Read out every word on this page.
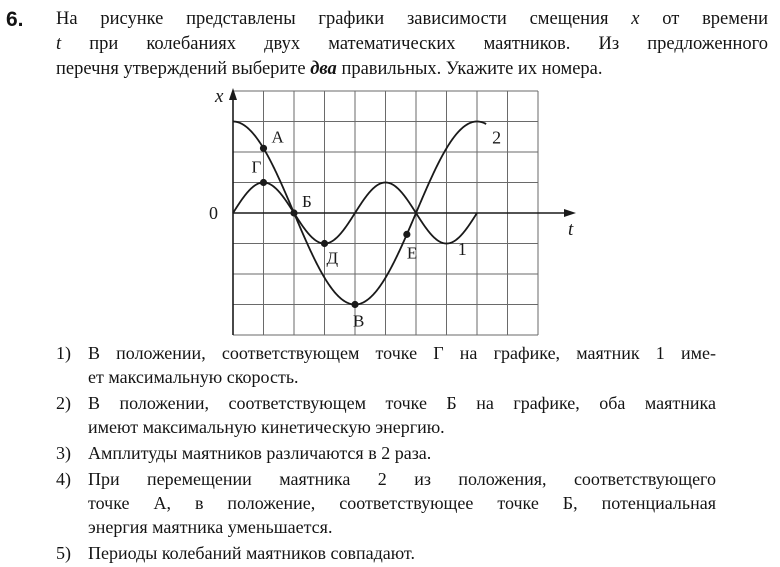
6. На рисунке представлены графики зависимости смещения x от времени
t при колебаниях двух математических маятников. Из предложенного
перечня утверждений выберите два правильных. Укажите их номера.
x
t
0
1
2
А
Г
Б
Д
В
Е
1) В положении, соответствующем точке Г на графике, маятник 1 име-
ет максимальную скорость.
2) В положении, соответствующем точке Б на графике, оба маятника
имеют максимальную кинетическую энергию.
3) Амплитуды маятников различаются в 2 раза.
4) При перемещении маятника 2 из положения, соответствующего
точке А, в положение, соответствующее точке Б, потенциальная
энергия маятника уменьшается.
5) Периоды колебаний маятников совпадают.
